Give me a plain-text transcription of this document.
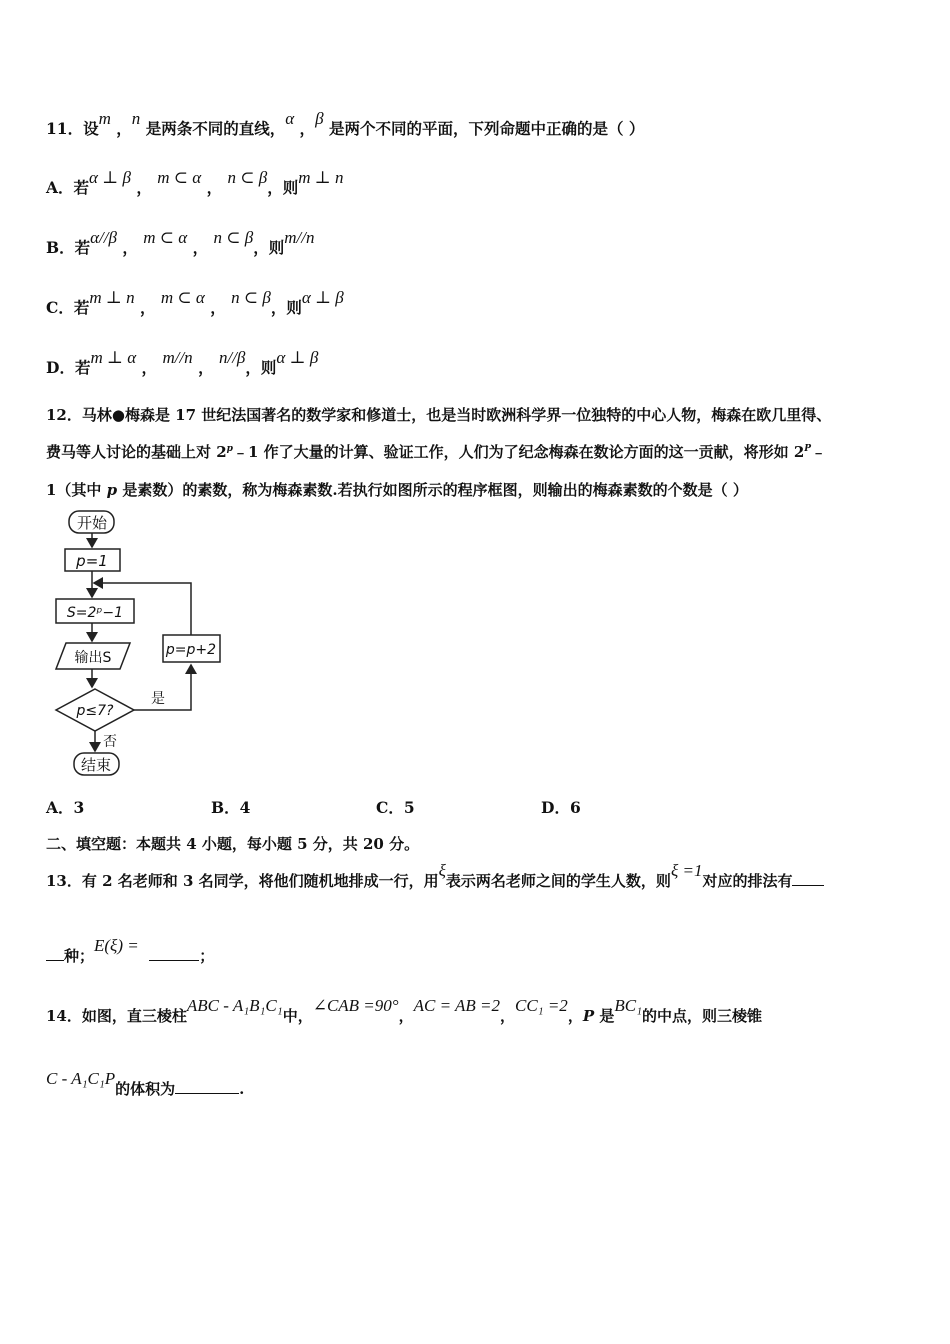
11．设m ，n 是两条不同的直线，α ，β 是两个不同的平面，下列命题中正确的是（ ）
A．若α ⊥ β ， m ⊂ α ， n ⊂ β，则m ⊥ n
B．若α//β ， m ⊂ α ， n ⊂ β，则m//n
C．若m ⊥ n ， m ⊂ α ， n ⊂ β，则α ⊥ β
D．若m ⊥ α ， m//n ， n//β，则α ⊥ β
12．马林●梅森是 17 世纪法国著名的数学家和修道士，也是当时欧洲科学界一位独特的中心人物，梅森在欧几里得、
费马等人讨论的基础上对 2$^p$﹣1 作了大量的计算、验证工作，人们为了纪念梅森在数论方面的这一贡献，将形如 $2^P﹣$
1（其中 p 是素数）的素数，称为梅森素数.若执行如图所示的程序框图，则输出的梅森素数的个数是（ ）
开始
p=1
S=2ᵖ−1
输出S
p≤7?
p=p+2
是
否
结束
A．3	B．4	C．5	D．6
二、填空题：本题共 4 小题，每小题 5 分，共 20 分。
13．有 2 名老师和 3 名同学，将他们随机地排成一行，用ξ表示两名老师之间的学生人数，则ξ =1对应的排法有
种；E(ξ) =  ；
14．如图，直三棱柱ABC - A₁B₁C₁中，∠CAB =90°，AC = AB =2，CC₁ =2，P 是BC₁的中点，则三棱锥
C - A₁C₁P的体积为	.
